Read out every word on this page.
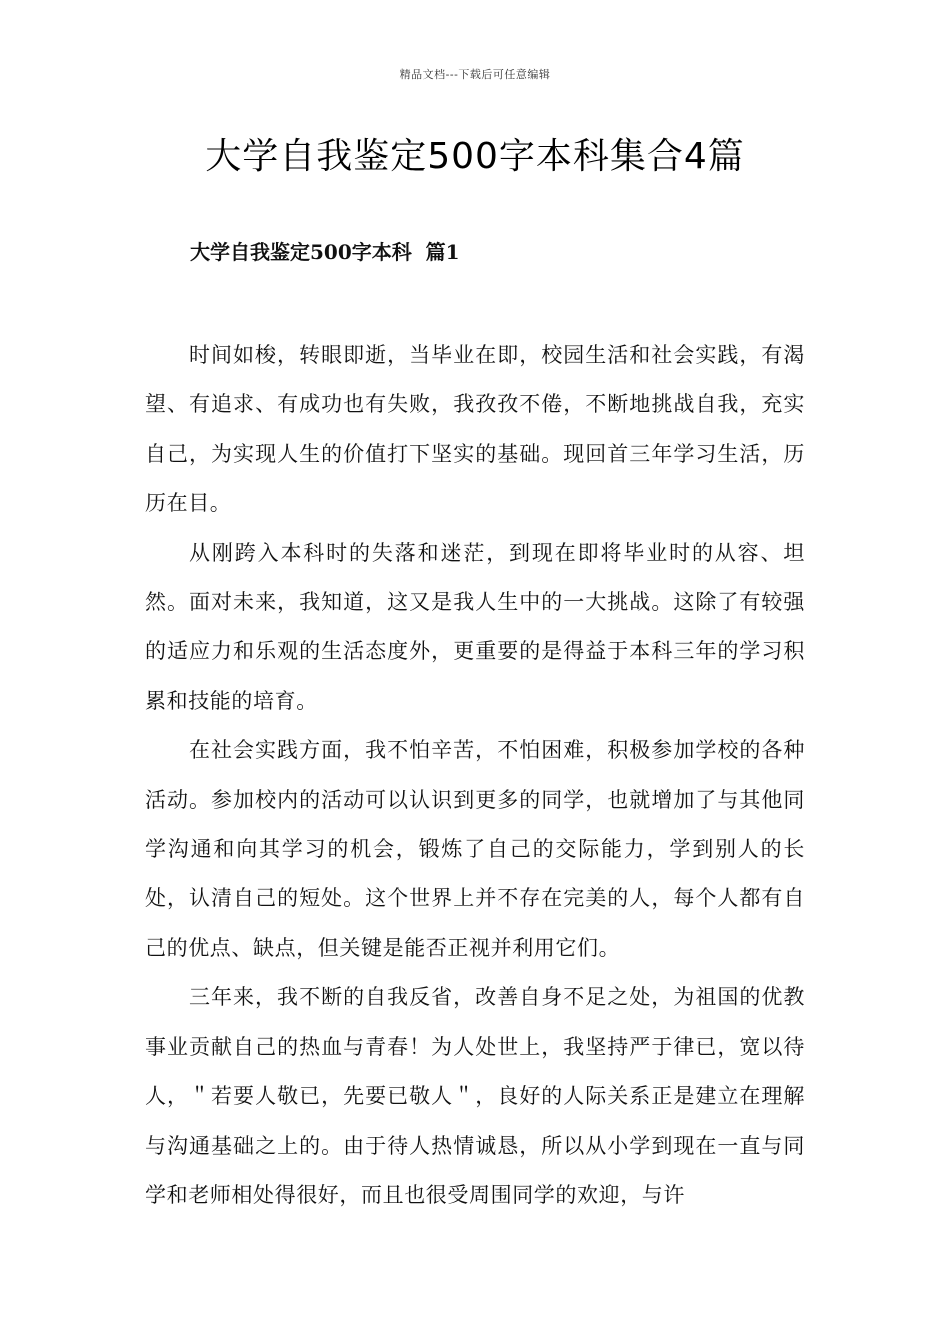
精品文档---下载后可任意编辑
大学自我鉴定500字本科集合4篇
大学自我鉴定500字本科  篇1

时间如梭，转眼即逝，当毕业在即，校园生活和社会实践，有渴望、有追求、有成功也有失败，我孜孜不倦，不断地挑战自我，充实自己，为实现人生的价值打下坚实的基础。现回首三年学习生活，历历在目。

从刚跨入本科时的失落和迷茫，到现在即将毕业时的从容、坦然。面对未来，我知道，这又是我人生中的一大挑战。这除了有较强的适应力和乐观的生活态度外，更重要的是得益于本科三年的学习积累和技能的培育。

在社会实践方面，我不怕辛苦，不怕困难，积极参加学校的各种活动。参加校内的活动可以认识到更多的同学，也就增加了与其他同学沟通和向其学习的机会，锻炼了自己的交际能力，学到别人的长处，认清自己的短处。这个世界上并不存在完美的人，每个人都有自己的优点、缺点，但关键是能否正视并利用它们。

三年来，我不断的自我反省，改善自身不足之处，为祖国的优教事业贡献自己的热血与青春！为人处世上，我坚持严于律已，宽以待人，＂若要人敬已，先要已敬人＂，良好的人际关系正是建立在理解与沟通基础之上的。由于待人热情诚恳，所以从小学到现在一直与同学和老师相处得很好，而且也很受周围同学的欢迎，与许
